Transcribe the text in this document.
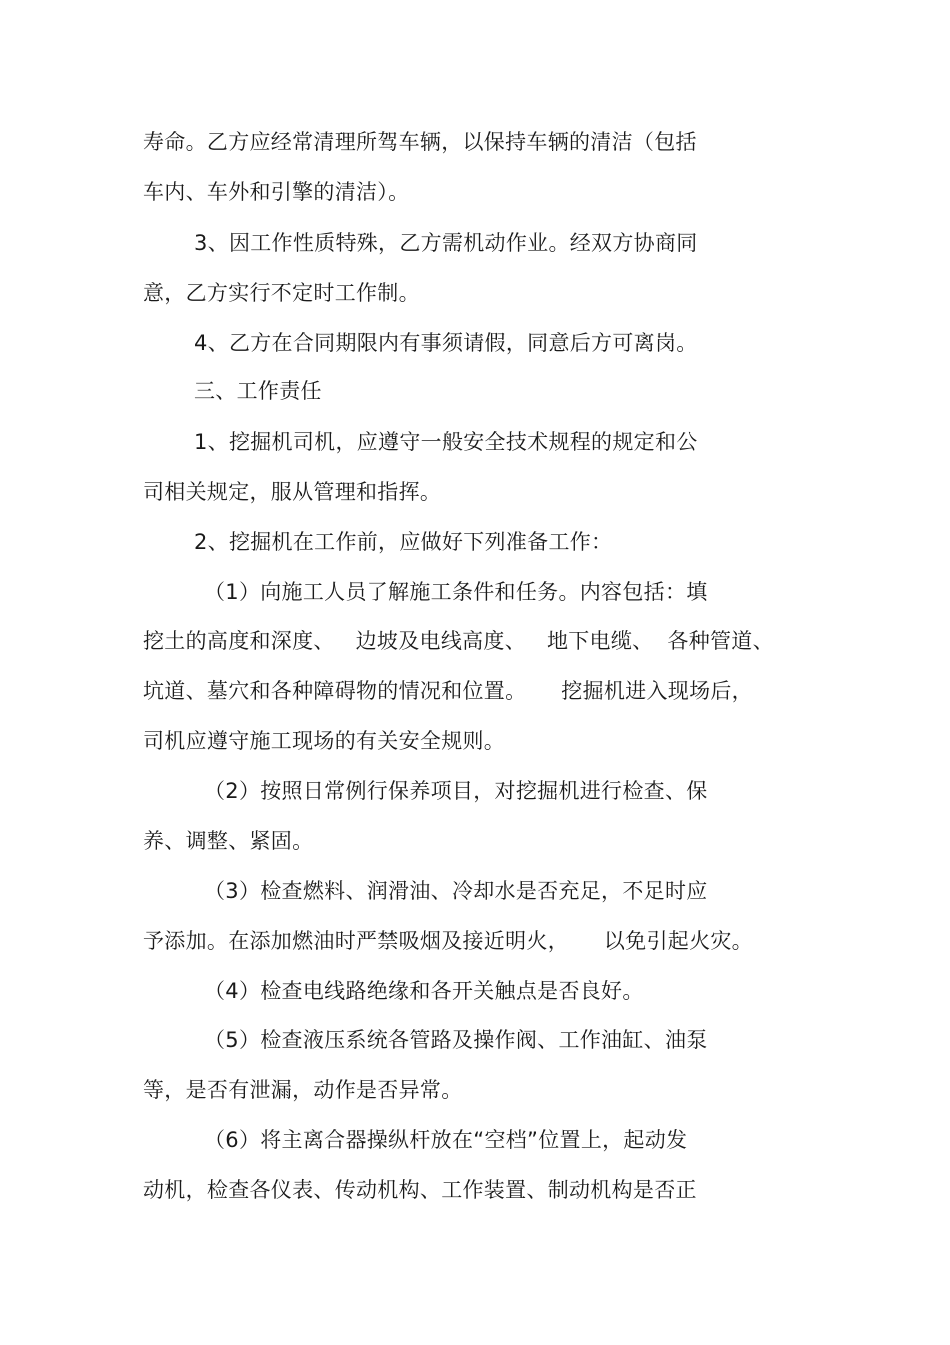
寿命。乙方应经常清理所驾车辆，以保持车辆的清洁（包括
车内、车外和引擎的清洁）。
3、因工作性质特殊，乙方需机动作业。经双方协商同
意，乙方实行不定时工作制。
4、乙方在合同期限内有事须请假，同意后方可离岗。
三、工作责任
1、挖掘机司机，应遵守一般安全技术规程的规定和公
司相关规定，服从管理和指挥。
2、挖掘机在工作前，应做好下列准备工作：
（1）向施工人员了解施工条件和任务。内容包括：填
挖土的高度和深度、   边坡及电线高度、   地下电缆、  各种管道、
坑道、墓穴和各种障碍物的情况和位置。     挖掘机进入现场后，
司机应遵守施工现场的有关安全规则。
（2）按照日常例行保养项目，对挖掘机进行检查、保
养、调整、紧固。
（3）检查燃料、润滑油、冷却水是否充足，不足时应
予添加。在添加燃油时严禁吸烟及接近明火，     以免引起火灾。
（4）检查电线路绝缘和各开关触点是否良好。
（5）检查液压系统各管路及操作阀、工作油缸、油泵
等，是否有泄漏，动作是否异常。
（6）将主离合器操纵杆放在“空档”位置上，起动发
动机，检查各仪表、传动机构、工作装置、制动机构是否正
